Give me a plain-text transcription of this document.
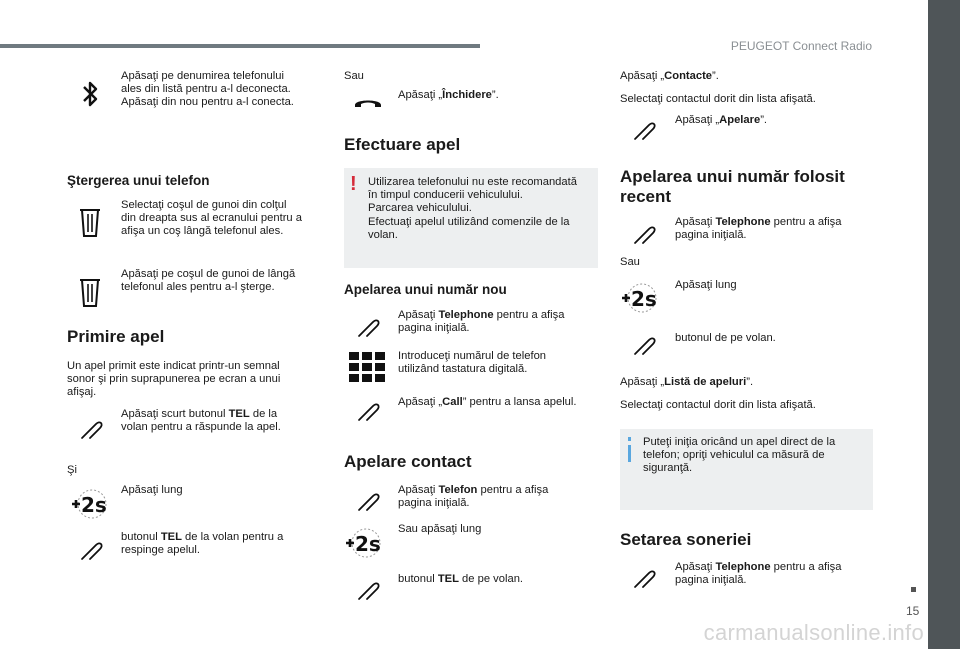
PEUGEOT Connect Radio
15
carmanualsonline.info
Apăsaţi pe denumirea telefonului
ales din listă pentru a-l deconecta.
Apăsaţi din nou pentru a-l conecta.
Ştergerea unui telefon
Selectaţi coşul de gunoi din colţul
din dreapta sus al ecranului pentru a
afişa un coş lângă telefonul ales.
Apăsaţi pe coşul de gunoi de lângă
telefonul ales pentru a-l şterge.
Primire apel
Un apel primit este indicat printr-un semnal
sonor şi prin suprapunerea pe ecran a unui
afişaj.
Apăsaţi scurt butonul TEL de la
volan pentru a răspunde la apel.
Şi
2s
Apăsaţi lung
butonul TEL de la volan pentru a
respinge apelul.
Sau
Apăsaţi „Închidere”.
Efectuare apel
! Utilizarea telefonului nu este recomandată
în timpul conducerii vehiculului.
Parcarea vehiculului.
Efectuaţi apelul utilizând comenzile de la
volan.
Apelarea unui număr nou
Apăsaţi Telephone pentru a afişa
pagina iniţială.
Introduceţi numărul de telefon
utilizând tastatura digitală.
Apăsaţi „Call” pentru a lansa apelul.
Apelare contact
Apăsaţi Telefon pentru a afişa
pagina iniţială.
2s
Sau apăsaţi lung
butonul TEL de pe volan.
Apăsaţi „Contacte”.
Selectaţi contactul dorit din lista afişată.
Apăsaţi „Apelare”.
Apelarea unui număr folosit
recent
Apăsaţi Telephone pentru a afişa
pagina iniţială.
Sau
2s
Apăsaţi lung
butonul de pe volan.
Apăsaţi „Listă de apeluri”.
Selectaţi contactul dorit din lista afişată.
Puteţi iniţia oricând un apel direct de la
telefon; opriţi vehiculul ca măsură de
siguranţă.
Setarea soneriei
Apăsaţi Telephone pentru a afişa
pagina iniţială.
